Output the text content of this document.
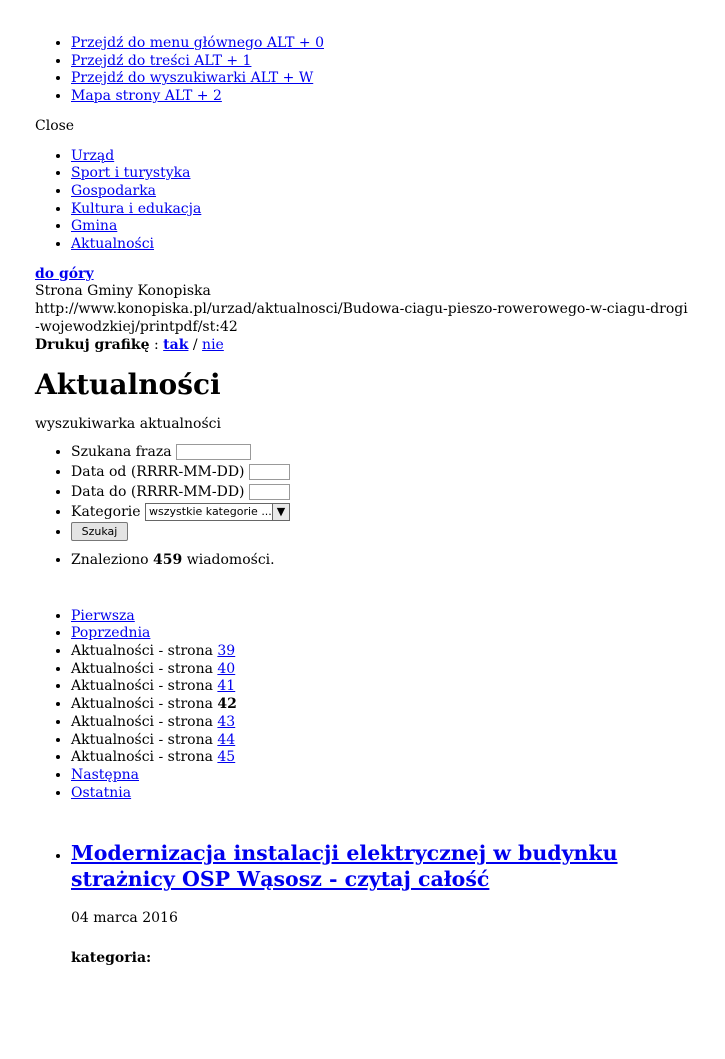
• Przejdź do menu głównego ALT + 0
• Przejdź do treści ALT + 1
• Przejdź do wyszukiwarki ALT + W
• Mapa strony ALT + 2
Close
• Urząd
• Sport i turystyka
• Gospodarka
• Kultura i edukacja
• Gmina
• Aktualności
do góry
Strona Gminy Konopiska
http://www.konopiska.pl/urzad/aktualnosci/Budowa-ciagu-pieszo-rowerowego-w-ciagu-drogi-wojewodzkiej/printpdf/st:42
Drukuj grafikę : tak / nie
Aktualności
wyszukiwarka aktualności
• Szukana fraza
• Data od (RRRR-MM-DD)
• Data do (RRRR-MM-DD)
• Kategorie wszystkie kategorie ... ▼
• Szukaj
• Znaleziono 459 wiadomości.
• Pierwsza
• Poprzednia
• Aktualności - strona 39
• Aktualności - strona 40
• Aktualności - strona 41
• Aktualności - strona 42
• Aktualności - strona 43
• Aktualności - strona 44
• Aktualności - strona 45
• Następna
• Ostatnia
• Modernizacja instalacji elektrycznej w budynku strażnicy OSP Wąsosz - czytaj całość
04 marca 2016
kategoria:
